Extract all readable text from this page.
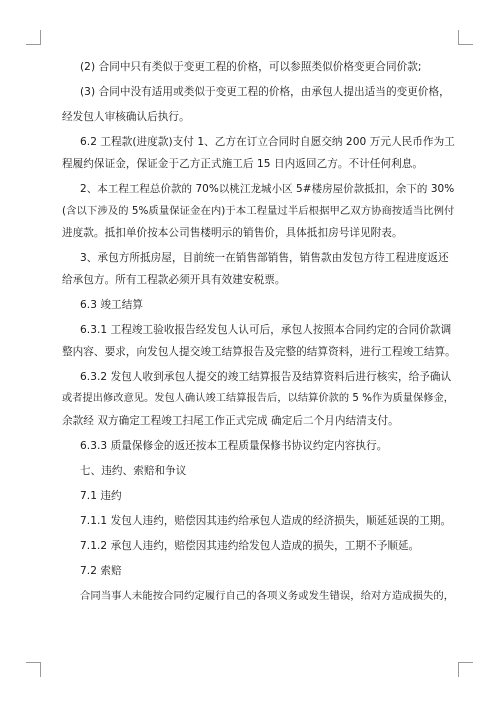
(2) 合同中只有类似于变更工程的价格，可以参照类似价格变更合同价款;
(3) 合同中没有适用或类似于变更工程的价格，由承包人提出适当的变更价格，
经发包人审核确认后执行。
6.2 工程款(进度款)支付 1、乙方在订立合同时自愿交纳 200 万元人民币作为工
程履约保证金，保证金于乙方正式施工后 15 日内返回乙方。不计任何利息。
2、本工程工程总价款的 70%以桃江龙城小区 5#楼房屋价款抵扣，余下的 30%
(含以下涉及的 5%质量保证金在内)于本工程量过半后根据甲乙双方协商按适当比例付
进度款。抵扣单价按本公司售楼明示的销售价，具体抵扣房号详见附表。
3、承包方所抵房屋，目前统一在销售部销售，销售款由发包方待工程进度返还
给承包方。所有工程款必须开具有效建安税票。
6.3 竣工结算
6.3.1 工程竣工验收报告经发包人认可后，承包人按照本合同约定的合同价款调
整内容、要求，向发包人提交竣工结算报告及完整的结算资料，进行工程竣工结算。
6.3.2 发包人收到承包人提交的竣工结算报告及结算资料后进行核实，给予确认
或者提出修改意见。发包人确认竣工结算报告后，以结算价款的 5 %作为质量保修金，
余款经 双方确定工程竣工扫尾工作正式完成 确定后二个月内结清支付。
6.3.3 质量保修金的返还按本工程质量保修书协议约定内容执行。
七、违约、索赔和争议
7.1 违约
7.1.1 发包人违约，赔偿因其违约给承包人造成的经济损失，顺延延误的工期。
7.1.2 承包人违约，赔偿因其违约给发包人造成的损失，工期不予顺延。
7.2 索赔
合同当事人未能按合同约定履行自己的各项义务或发生错误，给对方造成损失的，
